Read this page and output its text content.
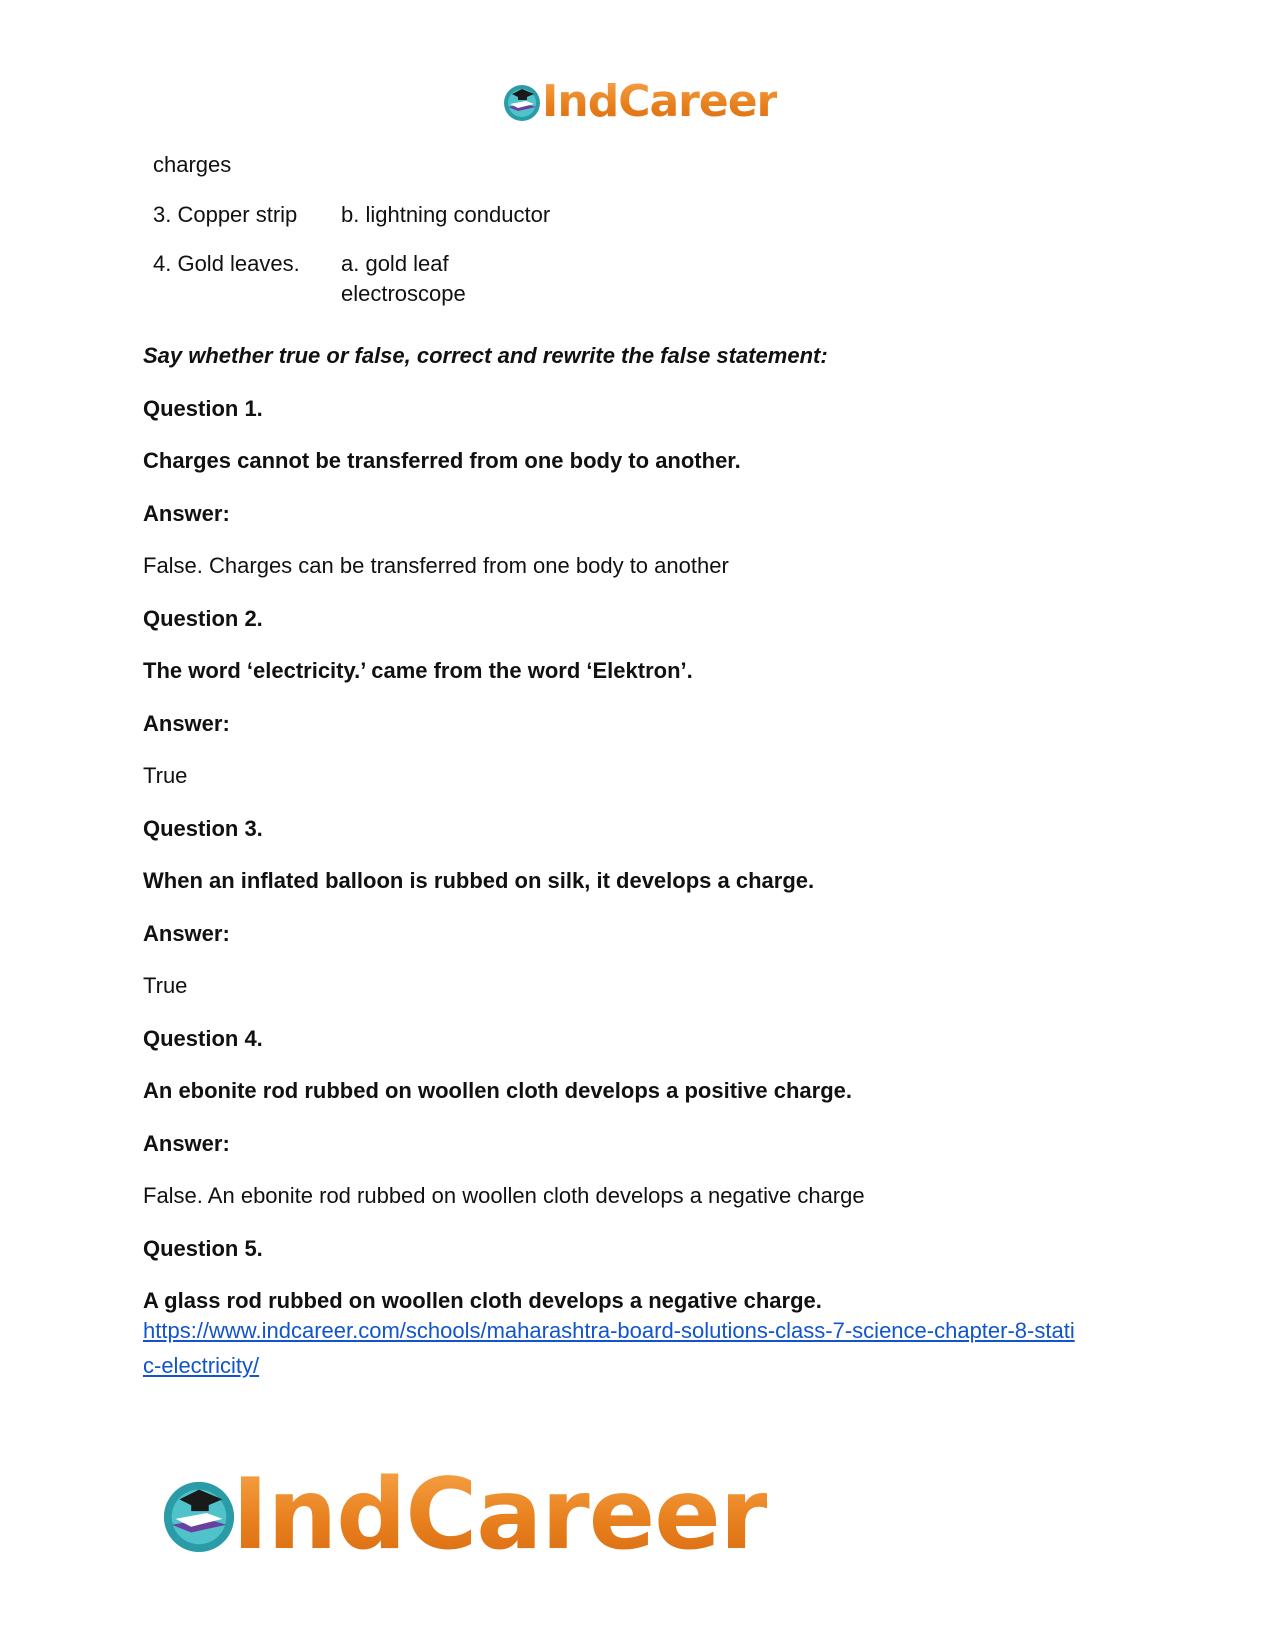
IndCareer
charges
3. Copper strip b. lightning conductor
4. Gold leaves. a. gold leaf
electroscope
Say whether true or false, correct and rewrite the false statement:
Question 1.
Charges cannot be transferred from one body to another.
Answer:
False. Charges can be transferred from one body to another
Question 2.
The word ‘electricity.’ came from the word ‘Elektron’.
Answer:
True
Question 3.
When an inflated balloon is rubbed on silk, it develops a charge.
Answer:
True
Question 4.
An ebonite rod rubbed on woollen cloth develops a positive charge.
Answer:
False. An ebonite rod rubbed on woollen cloth develops a negative charge
Question 5.
A glass rod rubbed on woollen cloth develops a negative charge.
https://www.indcareer.com/schools/maharashtra-board-solutions-class-7-science-chapter-8-stati
c-electricity/
IndCareer
